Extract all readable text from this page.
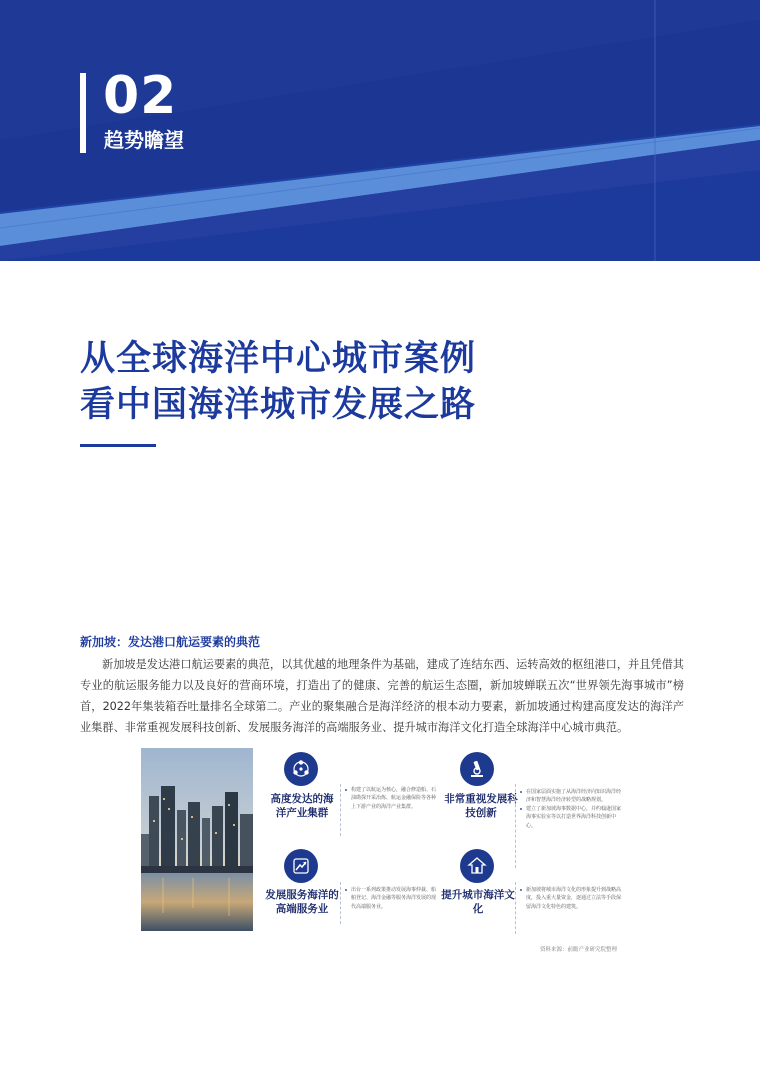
02
趋势瞻望
从全球海洋中心城市案例
看中国海洋城市发展之路
新加坡：发达港口航运要素的典范
新加坡是发达港口航运要素的典范，以其优越的地理条件为基础，建成了连结东西、运转高效的枢纽港口，并且凭借其专业的航运服务能力以及良好的营商环境，打造出了的健康、完善的航运生态圈，新加坡蝉联五次“世界领先海事城市”榜首，2022年集装箱吞吐量排名全球第二。产业的聚集融合是海洋经济的根本动力要素，新加坡通过构建高度发达的海洋产业集群、非常重视发展科技创新、发展服务海洋的高端服务业、提升城市海洋文化打造全球海洋中心城市典范。
高度发达的海洋产业集群
构建了以航运为核心，融合修造船、石油勘探开采冶炼、航运金融保险等各种上下游产业的海洋产业集群。
非常重视发展科技创新
在国家层面实施了从海洋经济向知识海洋经济和智慧海洋经济转型的战略规划。
建立了新加坡海事数据中心，并约翰逊国家海事实验室等以打造世界海洋科技创新中心。
发展服务海洋的高端服务业
出台一系列政策推动发展海事仲裁、船舶登记、海洋金融等服务海洋发展的现代高端服务业。
提升城市海洋文化
新加坡将城市海洋文化的形象提升到战略高度，投入重大量资金，逐通过立法等手段保留海洋文化特色的建筑。
资料来源：前瞻产业研究院整理
